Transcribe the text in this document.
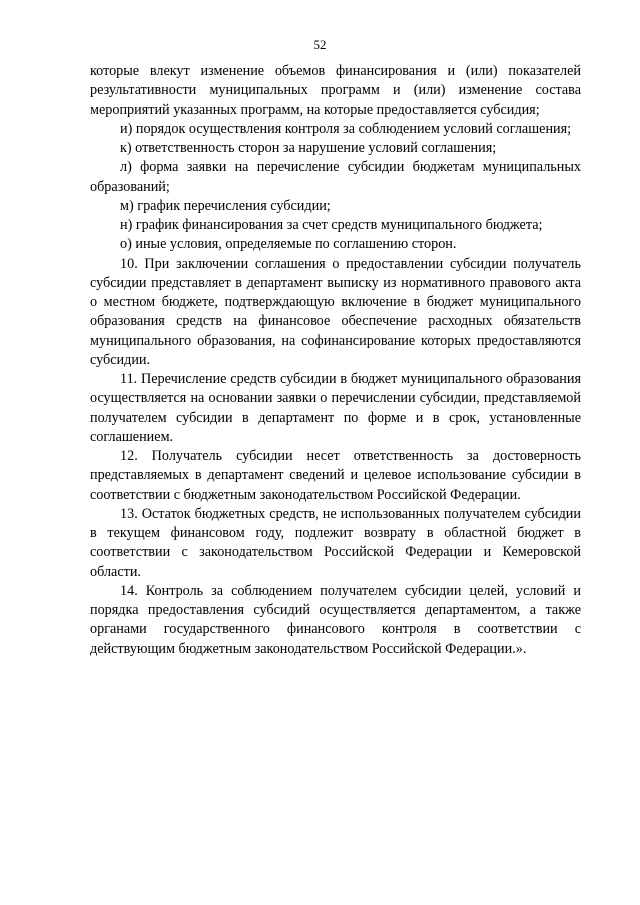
52

которые влекут изменение объемов финансирования и (или) показателей результативности муниципальных программ и (или) изменение состава мероприятий указанных программ, на которые предоставляется субсидия;

и) порядок осуществления контроля за соблюдением условий соглашения;

к) ответственность сторон за нарушение условий соглашения;

л) форма заявки на перечисление субсидии бюджетам муниципальных образований;

м) график перечисления субсидии;

н) график финансирования за счет средств муниципального бюджета;

о) иные условия, определяемые по соглашению сторон.

10. При заключении соглашения о предоставлении субсидии получатель субсидии представляет в департамент выписку из нормативного правового акта о местном бюджете, подтверждающую включение в бюджет муниципального образования средств на финансовое обеспечение расходных обязательств муниципального образования, на софинансирование которых предоставляются субсидии.

11. Перечисление средств субсидии в бюджет муниципального образования осуществляется на основании заявки о перечислении субсидии, представляемой получателем субсидии в департамент по форме и в срок, установленные соглашением.

12. Получатель субсидии несет ответственность за достоверность представляемых в департамент сведений и целевое использование субсидии в соответствии с бюджетным законодательством Российской Федерации.

13. Остаток бюджетных средств, не использованных получателем субсидии в текущем финансовом году, подлежит возврату в областной бюджет в соответствии с законодательством Российской Федерации и Кемеровской области.

14. Контроль за соблюдением получателем субсидии целей, условий и порядка предоставления субсидий осуществляется департаментом, а также органами государственного финансового контроля в соответствии с действующим бюджетным законодательством Российской Федерации.».
